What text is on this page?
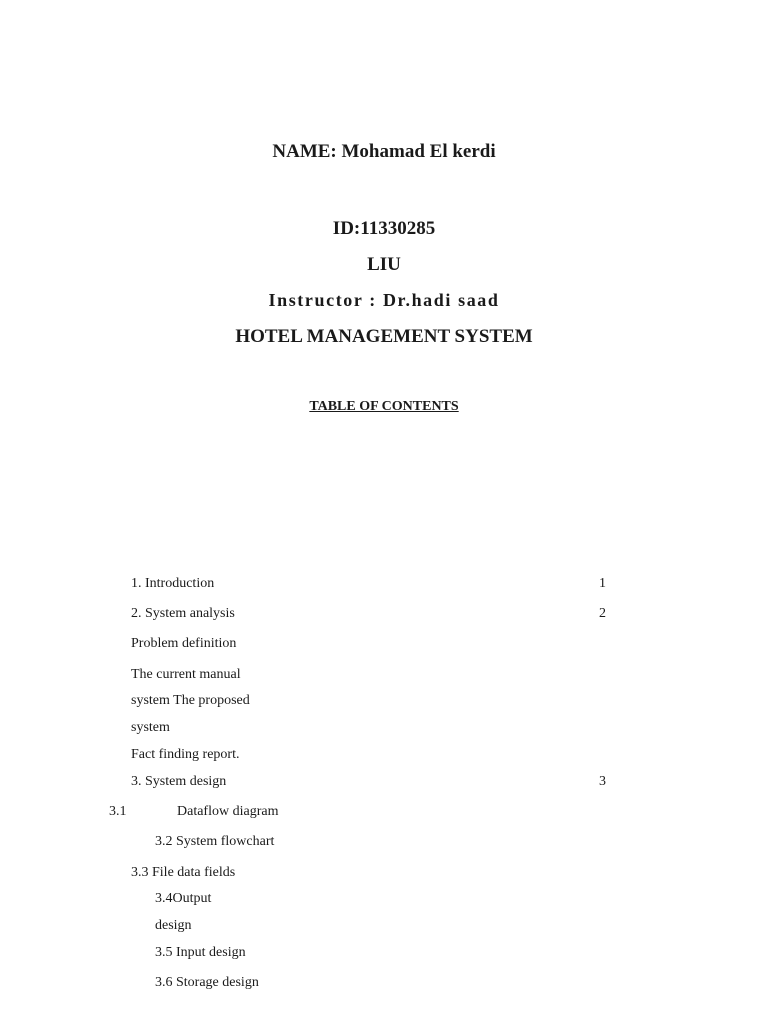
NAME: Mohamad El kerdi
ID:11330285
LIU
Instructor : Dr.hadi saad
HOTEL MANAGEMENT SYSTEM
TABLE OF CONTENTS
1. Introduction	1
2. System analysis	2
Problem definition
The current manual
system The proposed
system
Fact finding report.
3. System design	3
3.1	Dataflow diagram
3.2 System flowchart
3.3 File data fields
3.4Output
design
3.5 Input design
3.6 Storage design
